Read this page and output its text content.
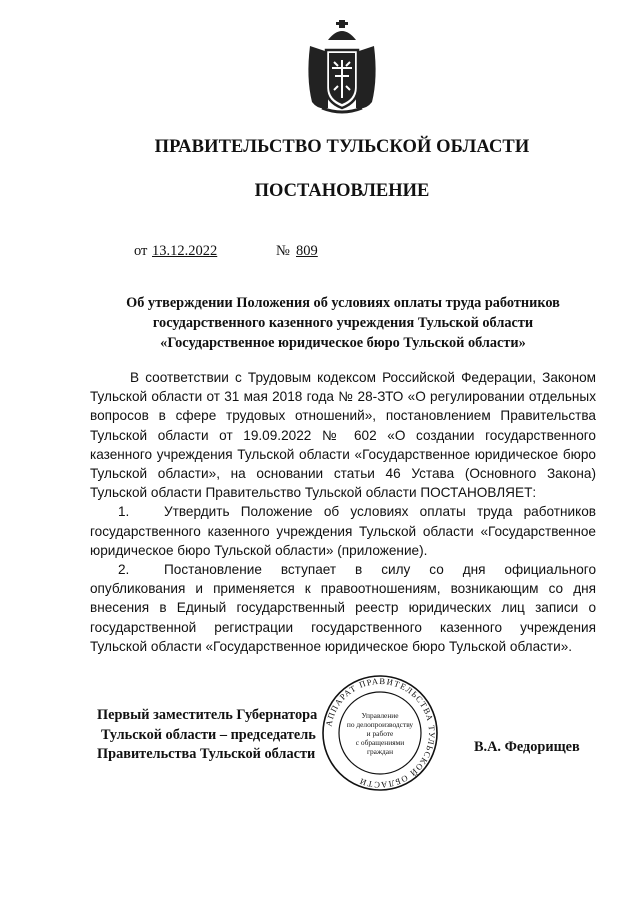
ПРАВИТЕЛЬСТВО ТУЛЬСКОЙ ОБЛАСТИ
ПОСТАНОВЛЕНИЕ
от 13.12.2022	№ 809
Об утверждении Положения об условиях оплаты труда работников
государственного казенного учреждения Тульской области
«Государственное юридическое бюро Тульской области»

В соответствии с Трудовым кодексом Российской Федерации, Законом Тульской области от 31 мая 2018 года № 28-ЗТО «О регулировании отдельных вопросов в сфере трудовых отношений», постановлением Правительства Тульской области от 19.09.2022 № 602 «О создании государственного казенного учреждения Тульской области «Государственное юридическое бюро Тульской области», на основании статьи 46 Устава (Основного Закона) Тульской области Правительство Тульской области ПОСТАНОВЛЯЕТ:

1.	Утвердить Положение об условиях оплаты труда работников государственного казенного учреждения Тульской области «Государственное юридическое бюро Тульской области» (приложение).

2.	Постановление вступает в силу со дня официального опубликования и применяется к правоотношениям, возникающим со дня внесения в Единый государственный реестр юридических лиц записи о государственной регистрации государственного казенного учреждения Тульской области «Государственное юридическое бюро Тульской области».

Первый заместитель Губернатора
Тульской области – председатель
Правительства Тульской области	В.А. Федорищев
АППАРАТ ПРАВИТЕЛЬСТВА ТУЛЬСКОЙ ОБЛАСТИ
Управление
по делопроизводству
и работе
с обращениями
граждан
